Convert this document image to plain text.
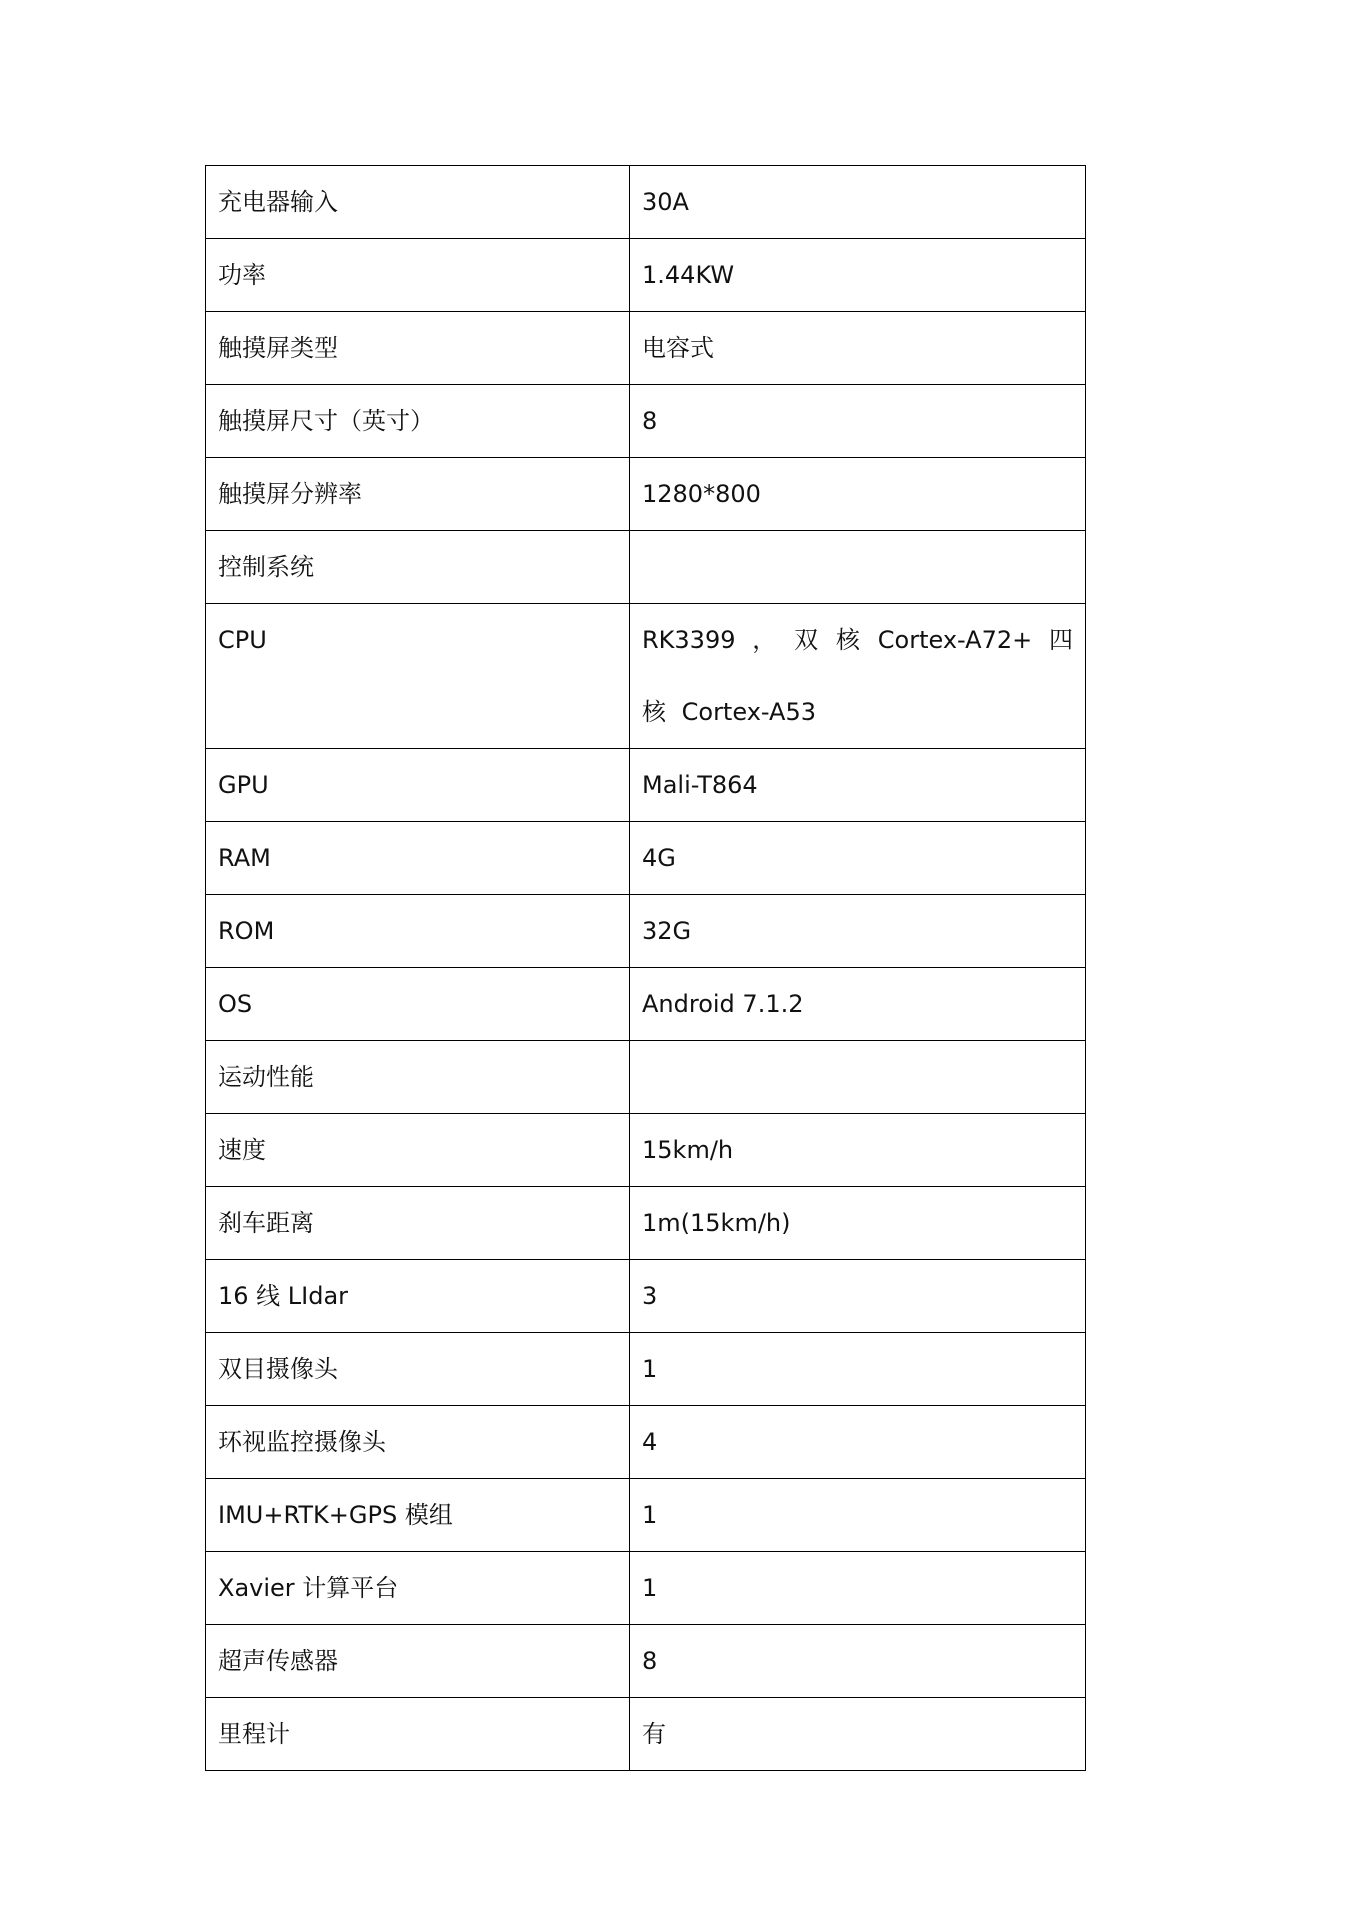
充电器输入	30A
功率	1.44KW
触摸屏类型	电容式
触摸屏尺寸（英寸）	8
触摸屏分辨率	1280*800
控制系统	
CPU	RK3399 ， 双 核 Cortex-A72+ 四 核 Cortex-A53
GPU	Mali-T864
RAM	4G
ROM	32G
OS	Android 7.1.2
运动性能	
速度	15km/h
刹车距离	1m(15km/h)
16 线 LIdar	3
双目摄像头	1
环视监控摄像头	4
IMU+RTK+GPS 模组	1
Xavier 计算平台	1
超声传感器	8
里程计	有
